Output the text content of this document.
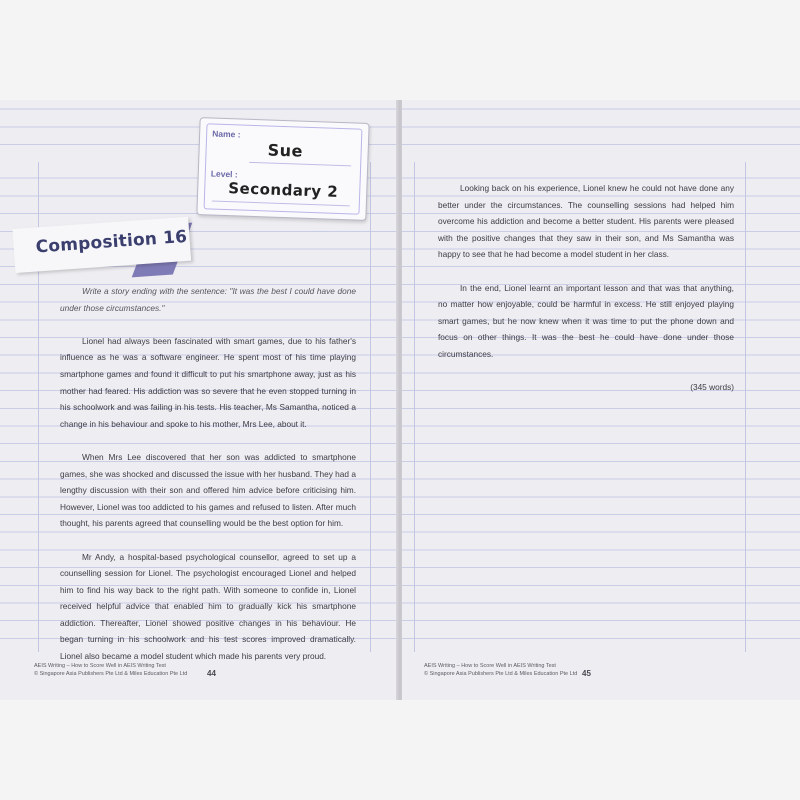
Write a story ending with the sentence: "It was the best I could have done under those circumstances."

Lionel had always been fascinated with smart games, due to his father's influence as he was a software engineer. He spent most of his time playing smartphone games and found it difficult to put his smartphone away, just as his mother had feared. His addiction was so severe that he even stopped turning in his schoolwork and was failing in his tests. His teacher, Ms Samantha, noticed a change in his behaviour and spoke to his mother, Mrs Lee, about it.

When Mrs Lee discovered that her son was addicted to smartphone games, she was shocked and discussed the issue with her husband. They had a lengthy discussion with their son and offered him advice before criticising him. However, Lionel was too addicted to his games and refused to listen. After much thought, his parents agreed that counselling would be the best option for him.

Mr Andy, a hospital-based psychological counsellor, agreed to set up a counselling session for Lionel. The psychologist encouraged Lionel and helped him to find his way back to the right path. With someone to confide in, Lionel received helpful advice that enabled him to gradually kick his smartphone addiction. Thereafter, Lionel showed positive changes in his behaviour. He began turning in his schoolwork and his test scores improved dramatically. Lionel also became a model student which made his parents very proud.

AEIS Writing – How to Score Well in AEIS Writing Test
© Singapore Asia Publishers Pte Ltd & Miles Education Pte Ltd 44

Looking back on his experience, Lionel knew he could not have done any better under the circumstances. The counselling sessions had helped him overcome his addiction and become a better student. His parents were pleased with the positive changes that they saw in their son, and Ms Samantha was happy to see that he had become a model student in her class.

In the end, Lionel learnt an important lesson and that was that anything, no matter how enjoyable, could be harmful in excess. He still enjoyed playing smart games, but he now knew when it was time to put the phone down and focus on other things. It was the best he could have done under those circumstances.

(345 words)

AEIS Writing – How to Score Well in AEIS Writing Test
© Singapore Asia Publishers Pte Ltd & Miles Education Pte Ltd 45
Name :
Sue
Level :
Secondary 2
Composition 16
